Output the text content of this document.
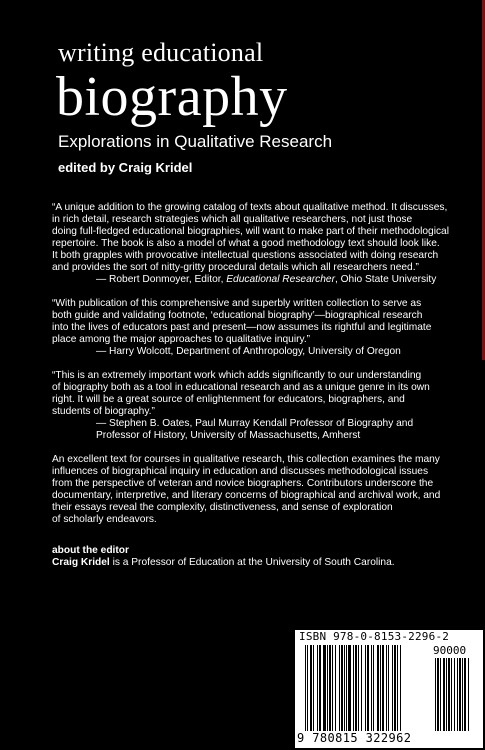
writing educational
biography
Explorations in Qualitative Research
edited by Craig Kridel
“A unique addition to the growing catalog of texts about qualitative method. It discusses,
in rich detail, research strategies which all qualitative researchers, not just those
doing full-fledged educational biographies, will want to make part of their methodological
repertoire. The book is also a model of what a good methodology text should look like.
It both grapples with provocative intellectual questions associated with doing research
and provides the sort of nitty-gritty procedural details which all researchers need.”
— Robert Donmoyer, Editor, Educational Researcher, Ohio State University
“With publication of this comprehensive and superbly written collection to serve as
both guide and validating footnote, ‘educational biography’—biographical research
into the lives of educators past and present—now assumes its rightful and legitimate
place among the major approaches to qualitative inquiry.”
— Harry Wolcott, Department of Anthropology, University of Oregon
“This is an extremely important work which adds significantly to our understanding
of biography both as a tool in educational research and as a unique genre in its own
right. It will be a great source of enlightenment for educators, biographers, and
students of biography.”
— Stephen B. Oates, Paul Murray Kendall Professor of Biography and
Professor of History, University of Massachusetts, Amherst
An excellent text for courses in qualitative research, this collection examines the many
influences of biographical inquiry in education and discusses methodological issues
from the perspective of veteran and novice biographers. Contributors underscore the
documentary, interpretive, and literary concerns of biographical and archival work, and
their essays reveal the complexity, distinctiveness, and sense of exploration
of scholarly endeavors.
about the editor
Craig Kridel is a Professor of Education at the University of South Carolina.
ISBN 978-0-8153-2296-2
90000
9 780815 322962
